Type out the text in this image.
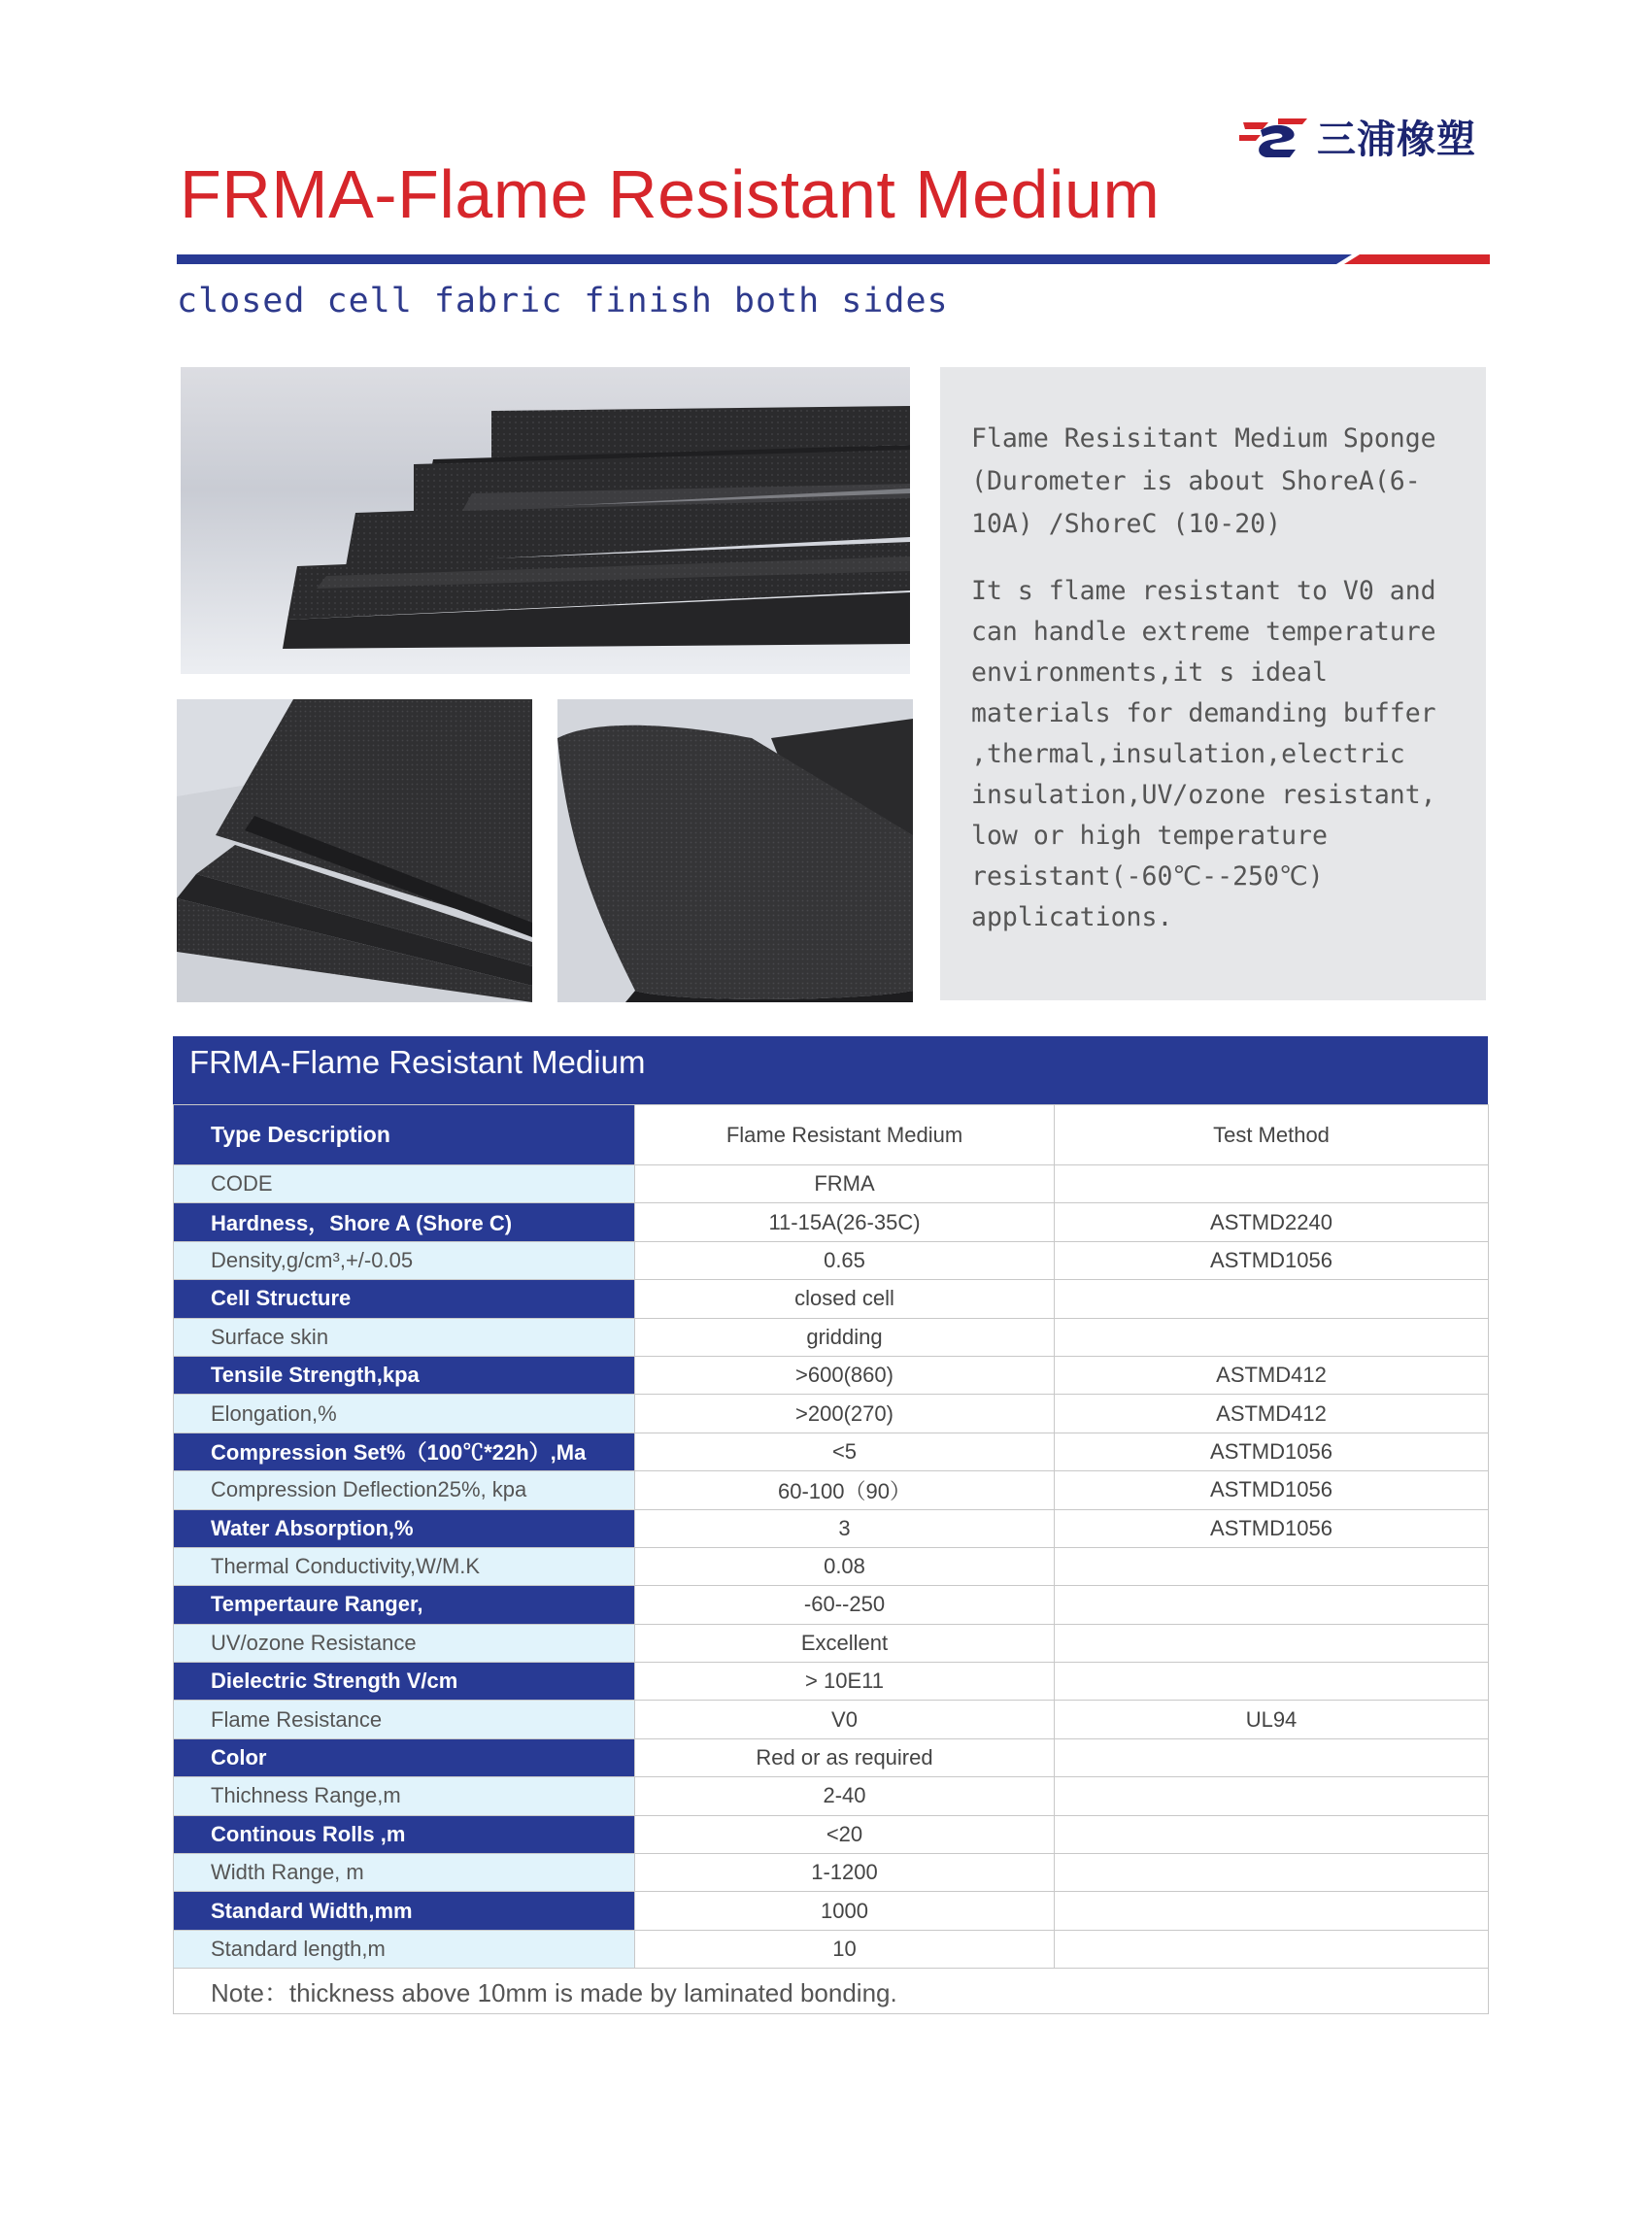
三浦橡塑
FRMA-Flame Resistant Medium
closed cell fabric finish both sides

Flame Resisitant Medium Sponge (Durometer is about ShoreA(6-10A) /ShoreC (10-20)

It s flame resistant to V0 and can handle extreme temperature environments,it s ideal materials for demanding buffer ,thermal,insulation,electric insulation,UV/ozone resistant, low or high temperature resistant(-60℃--250℃) applications.

FRMA-Flame Resistant Medium
Type Description	Flame Resistant Medium	Test Method
CODE	FRMA	
Hardness，Shore A (Shore C)	11-15A(26-35C)	ASTMD2240
Density,g/cm³,+/-0.05	0.65	ASTMD1056
Cell Structure	closed cell	
Surface skin	gridding	
Tensile Strength,kpa	>600(860)	ASTMD412
Elongation,%	>200(270)	ASTMD412
Compression Set%（100℃*22h）,Ma	<5	ASTMD1056
Compression Deflection25%, kpa	60-100（90）	ASTMD1056
Water Absorption,%	3	ASTMD1056
Thermal Conductivity,W/M.K	0.08	
Tempertaure Ranger,	-60--250	
UV/ozone Resistance	Excellent	
Dielectric Strength V/cm	> 10E11	
Flame Resistance	V0	UL94
Color	Red or as required	
Thichness Range,m	2-40	
Continous Rolls ,m	<20	
Width Range, m	1-1200	
Standard Width,mm	1000	
Standard length,m	10	
Note：thickness above 10mm is made by laminated bonding.		
